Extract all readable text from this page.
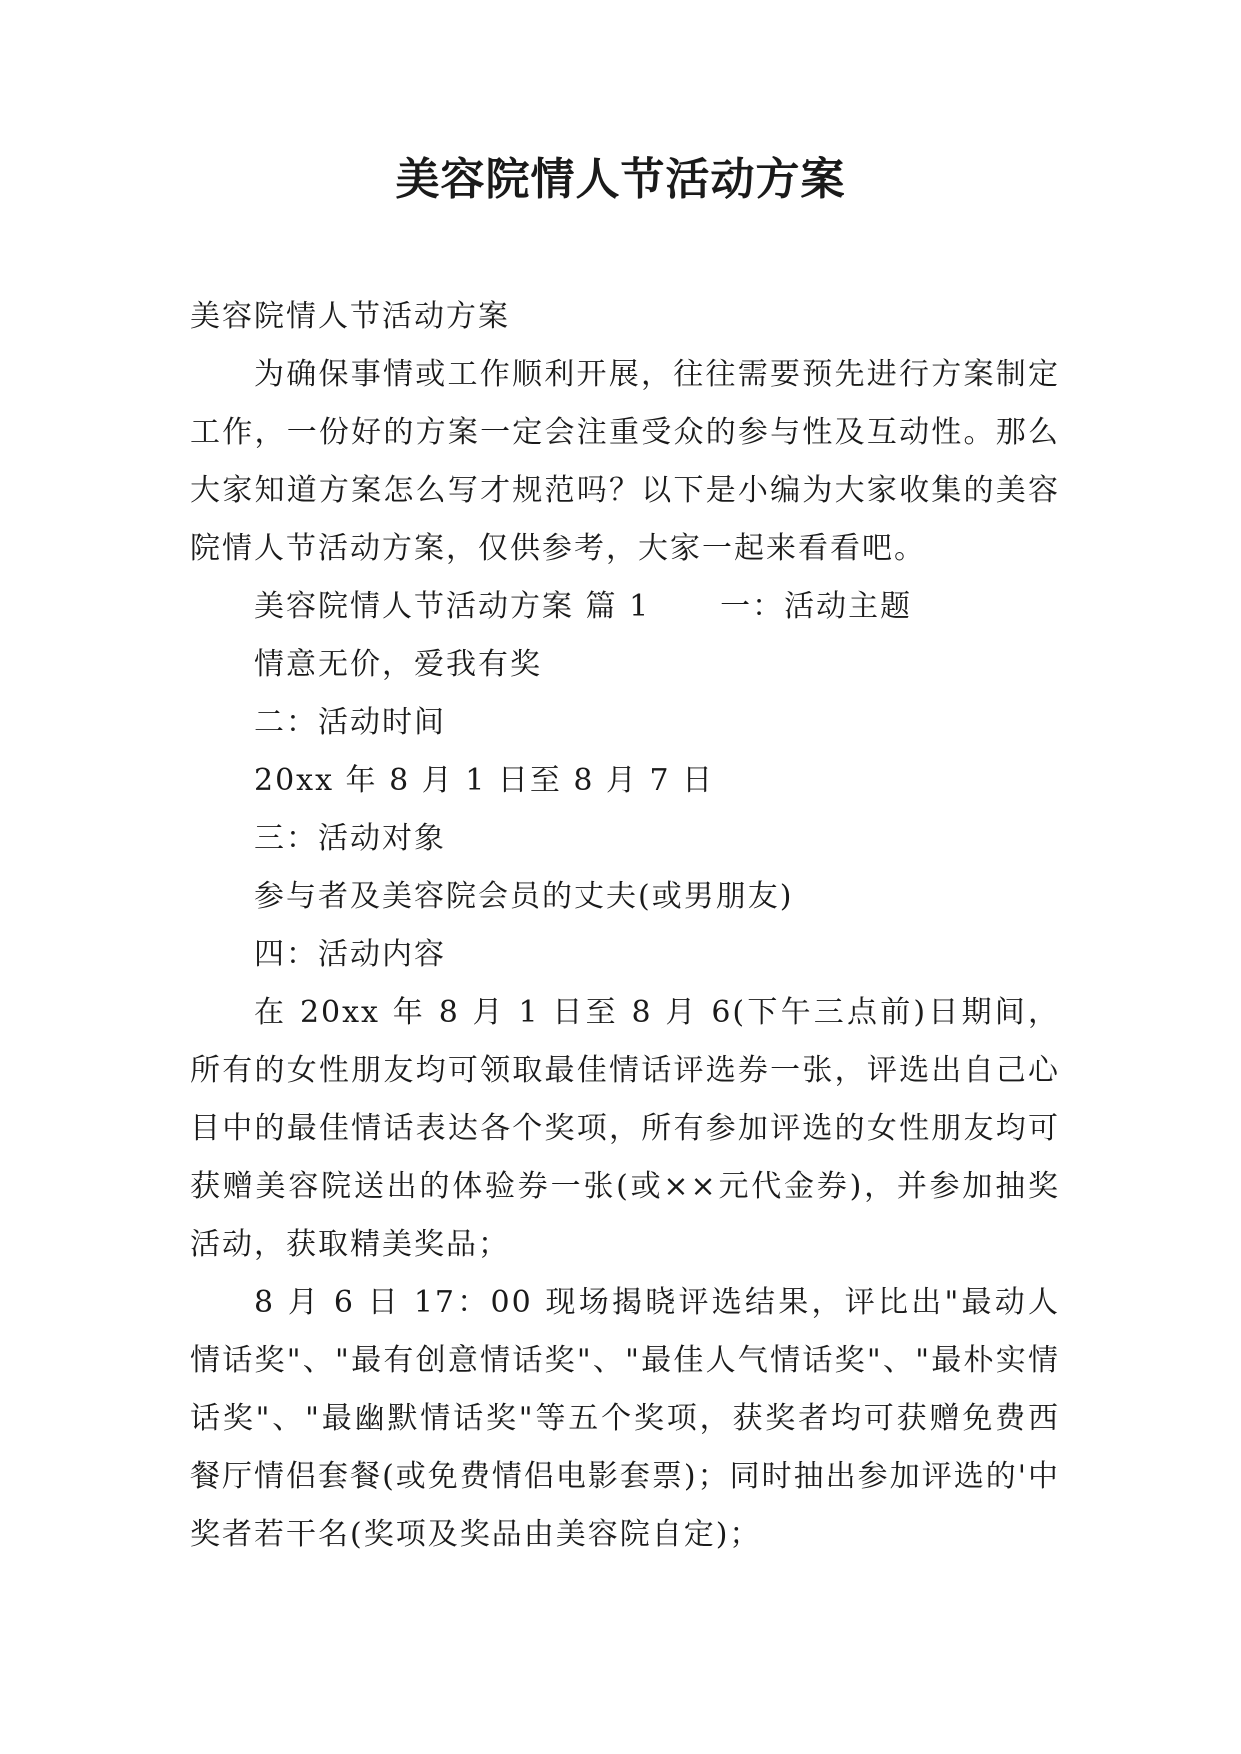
美容院情人节活动方案

美容院情人节活动方案

为确保事情或工作顺利开展，往往需要预先进行方案制定工作，一份好的方案一定会注重受众的参与性及互动性。那么大家知道方案怎么写才规范吗？以下是小编为大家收集的美容院情人节活动方案，仅供参考，大家一起来看看吧。

美容院情人节活动方案 篇 1 一：活动主题

情意无价，爱我有奖

二：活动时间

20xx 年 8 月 1 日至 8 月 7 日

三：活动对象

参与者及美容院会员的丈夫(或男朋友)

四：活动内容

在 20xx 年 8 月 1 日至 8 月 6(下午三点前)日期间，所有的女性朋友均可领取最佳情话评选券一张，评选出自己心目中的最佳情话表达各个奖项，所有参加评选的女性朋友均可获赠美容院送出的体验券一张(或××元代金券)，并参加抽奖活动，获取精美奖品；

8 月 6 日 17：00 现场揭晓评选结果，评比出"最动人情话奖"、"最有创意情话奖"、"最佳人气情话奖"、"最朴实情话奖"、"最幽默情话奖"等五个奖项，获奖者均可获赠免费西餐厅情侣套餐(或免费情侣电影套票)；同时抽出参加评选的'中奖者若干名(奖项及奖品由美容院自定)；
